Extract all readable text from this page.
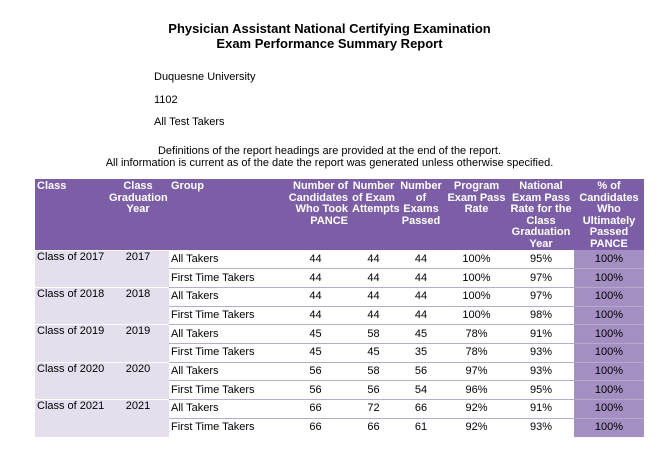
Physician Assistant National Certifying Examination
Exam Performance Summary Report
Duquesne University
1102
All Test Takers
Definitions of the report headings are provided at the end of the report.
All information is current as of the date the report was generated unless otherwise specified.
Class	Class Graduation Year	Group	Number of Candidates Who Took PANCE	Number of Exam Attempts	Number of Exams Passed	Program Exam Pass Rate	National Exam Pass Rate for the Class Graduation Year	% of Candidates Who Ultimately Passed PANCE
Class of 2017	2017	All Takers	44	44	44	100%	95%	100%
		First Time Takers	44	44	44	100%	97%	100%
Class of 2018	2018	All Takers	44	44	44	100%	97%	100%
		First Time Takers	44	44	44	100%	98%	100%
Class of 2019	2019	All Takers	45	58	45	78%	91%	100%
		First Time Takers	45	45	35	78%	93%	100%
Class of 2020	2020	All Takers	56	58	56	97%	93%	100%
		First Time Takers	56	56	54	96%	95%	100%
Class of 2021	2021	All Takers	66	72	66	92%	91%	100%
		First Time Takers	66	66	61	92%	93%	100%
